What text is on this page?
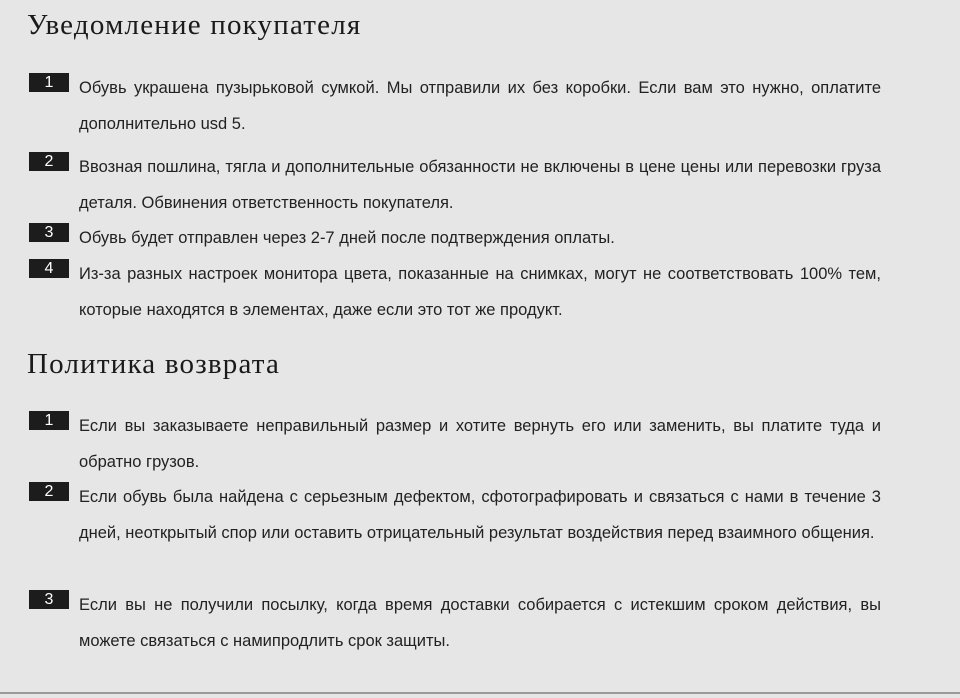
Уведомление покупателя
1	Обувь украшена пузырьковой сумкой. Мы отправили их без коробки. Если вам это нужно, оплатите дополнительно usd 5.

2	Ввозная пошлина, тягла и дополнительные обязанности не включены в цене цены или перевозки груза деталя. Обвинения ответственность покупателя.

3	Обувь будет отправлен через 2-7 дней после подтверждения оплаты.

4	Из-за разных настроек монитора цвета, показанные на снимках, могут не соответствовать 100% тем, которые находятся в элементах, даже если это тот же продукт.

Политика возврата
1	Если вы заказываете неправильный размер и хотите вернуть его или заменить, вы платите туда и обратно грузов.

2	Если обувь была найдена с серьезным дефектом, сфотографировать и связаться с нами в течение 3 дней, неоткрытый спор или оставить отрицательный результат воздействия перед взаимного общения.

3	Если вы не получили посылку, когда время доставки собирается с истекшим сроком действия, вы можете связаться с намипродлить срок защиты.
